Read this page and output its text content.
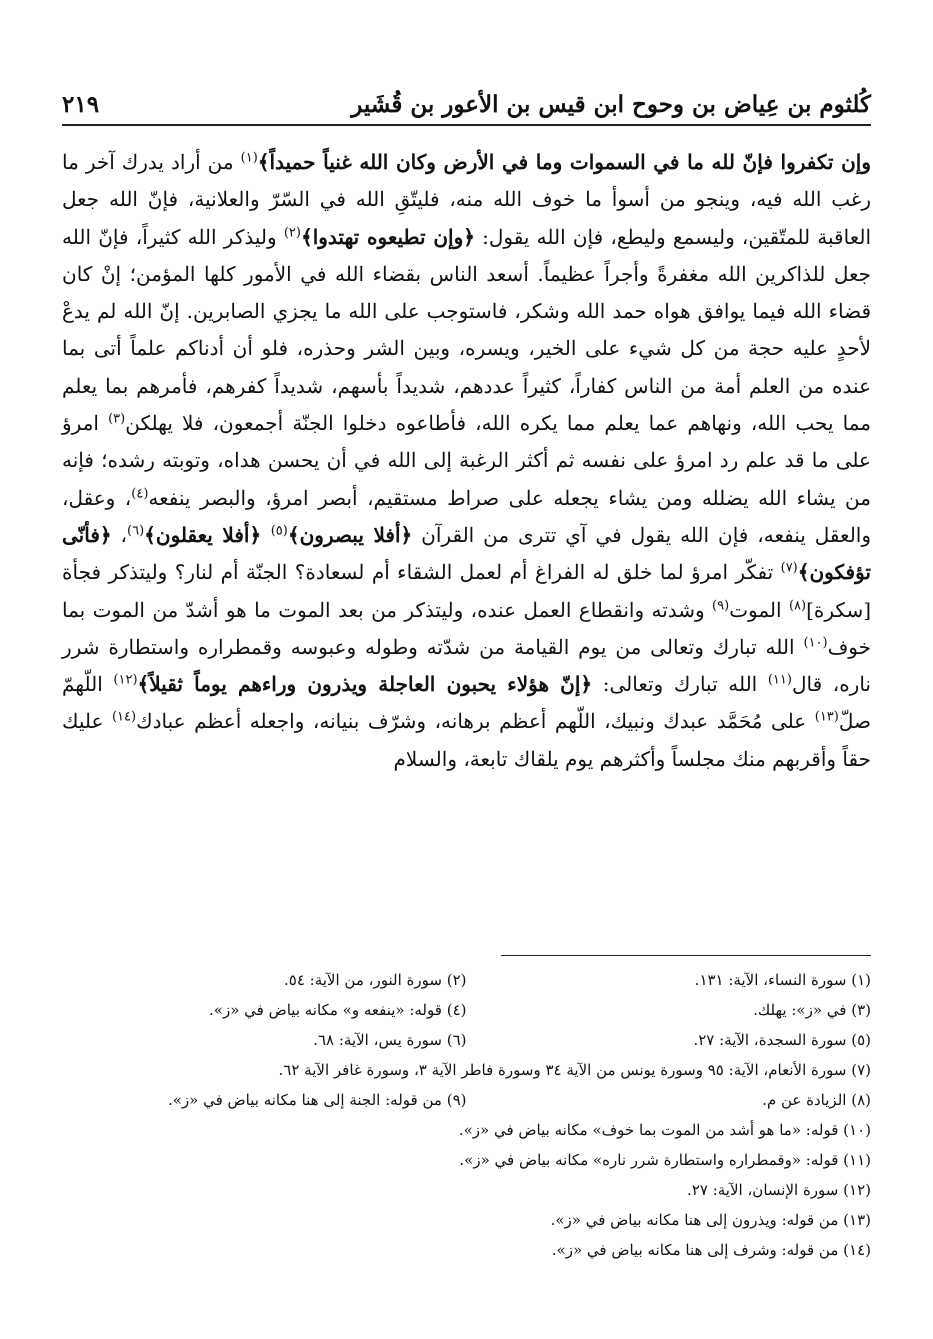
كُلثوم بن عِياض بن وحوح ابن قيس بن الأعور بن قُشَير
٢١٩

وإن تكفروا فإنّ لله ما في السموات وما في الأرض وكان الله غنياً حميداً﴾$^{(١)}$ من أراد يدرك آخر ما رغب الله فيه، وينجو من أسوأ ما خوف الله منه، فليتّقِ الله في السّرّ والعلانية، فإنّ الله جعل العاقبة للمتّقين، وليسمع وليطع، فإن الله يقول: ﴿وإن تطيعوه تهتدوا﴾$^{(٢)}$ وليذكر الله كثيراً، فإنّ الله جعل للذاكرين الله مغفرةً وأجراً عظيماً. أسعد الناس بقضاء الله في الأمور كلها المؤمن؛ إنْ كان قضاء الله فيما يوافق هواه حمد الله وشكر، فاستوجب على الله ما يجزي الصابرين. إنّ الله لم يدعْ لأحدٍ عليه حجة من كل شيء على الخير، ويسره، وبين الشر وحذره، فلو أن أدناكم علماً أتى بما عنده من العلم أمة من الناس كفاراً، كثيراً عددهم، شديداً بأسهم، شديداً كفرهم، فأمرهم بما يعلم مما يحب الله، ونهاهم عما يعلم مما يكره الله، فأطاعوه دخلوا الجنّة أجمعون، فلا يهلكن$^{(٣)}$ امرؤ على ما قد علم رد امرؤ على نفسه ثم أكثر الرغبة إلى الله في أن يحسن هداه، وتوبته رشده؛ فإنه من يشاء الله يضلله ومن يشاء يجعله على صراط مستقيم، أبصر امرؤ، والبصر ينفعه$^{(٤)}$، وعقل، والعقل ينفعه، فإن الله يقول في آي تترى من القرآن ﴿أفلا يبصرون﴾$^{(٥)}$ ﴿أفلا يعقلون﴾$^{(٦)}$، ﴿فأنّى تؤفكون﴾$^{(٧)}$ تفكّر امرؤ لما خلق له الفراغ أم لعمل الشقاء أم لسعادة؟ الجنّة أم لنار؟ وليتذكر فجأة [سكرة]$^{(٨)}$ الموت$^{(٩)}$ وشدته وانقطاع العمل عنده، وليتذكر من بعد الموت ما هو أشدّ من الموت بما خوف$^{(١٠)}$ الله تبارك وتعالى من يوم القيامة من شدّته وطوله وعبوسه وقمطراره واستطارة شرر ناره، قال$^{(١١)}$ الله تبارك وتعالى: ﴿إنّ هؤلاء يحبون العاجلة ويذرون وراءهم يوماً ثقيلاً﴾$^{(١٢)}$ اللّهمّ صلّ$^{(١٣)}$ على مُحَمَّد عبدك ونبيك، اللّهم أعظم برهانه، وشرّف بنيانه، واجعله أعظم عبادك$^{(١٤)}$ عليك حقاً وأقربهم منك مجلساً وأكثرهم يوم يلقاك تابعة، والسلام

(١) سورة النساء، الآية: ١٣١.
(٢) سورة النور، من الآية: ٥٤.
(٣) في «ز»: يهلك.
(٤) قوله: «ينفعه و» مكانه بياض في «ز».
(٥) سورة السجدة، الآية: ٢٧.
(٦) سورة يس، الآية: ٦٨.
(٧) سورة الأنعام، الآية: ٩٥ وسورة يونس من الآية ٣٤ وسورة فاطر الآية ٣، وسورة غافر الآية ٦٢.
(٨) الزيادة عن م.
(٩) من قوله: الجنة إلى هنا مكانه بياض في «ز».
(١٠) قوله: «ما هو أشد من الموت بما خوف» مكانه بياض في «ز».
(١١) قوله: «وقمطراره واستطارة شرر ناره» مكانه بياض في «ز».
(١٢) سورة الإنسان، الآية: ٢٧.
(١٣) من قوله: ويذرون إلى هنا مكانه بياض في «ز».
(١٤) من قوله: وشرف إلى هنا مكانه بياض في «ز».
